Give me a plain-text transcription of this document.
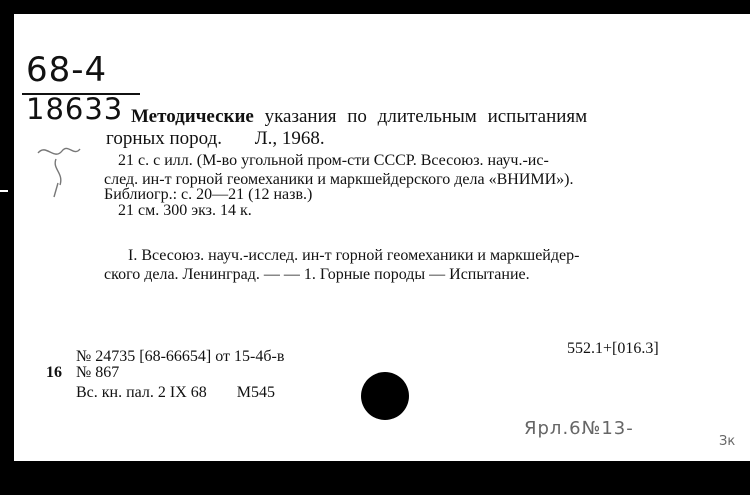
68-4
18633 Методические указания по длительным испытаниям
горных пород. Л., 1968.
21 с. с илл. (М-во угольной пром-сти СССР. Всесоюз. науч.-ис-
след. ин-т горной геомеханики и маркшейдерского дела «ВНИМИ»).
Библиогр.: с. 20—21 (12 назв.)
21 см. 300 экз. 14 к.
I. Всесоюз. науч.-исслед. ин-т горной геомеханики и маркшейдер-
ского дела. Ленинград. — — 1. Горные породы — Испытание.
552.1+[016.3]
№ 24735 [68-66654] от 15-4б-в
16 № 867
Вс. кн. пал. 2 IX 68 М545
Ярл.6№13-
Зк
